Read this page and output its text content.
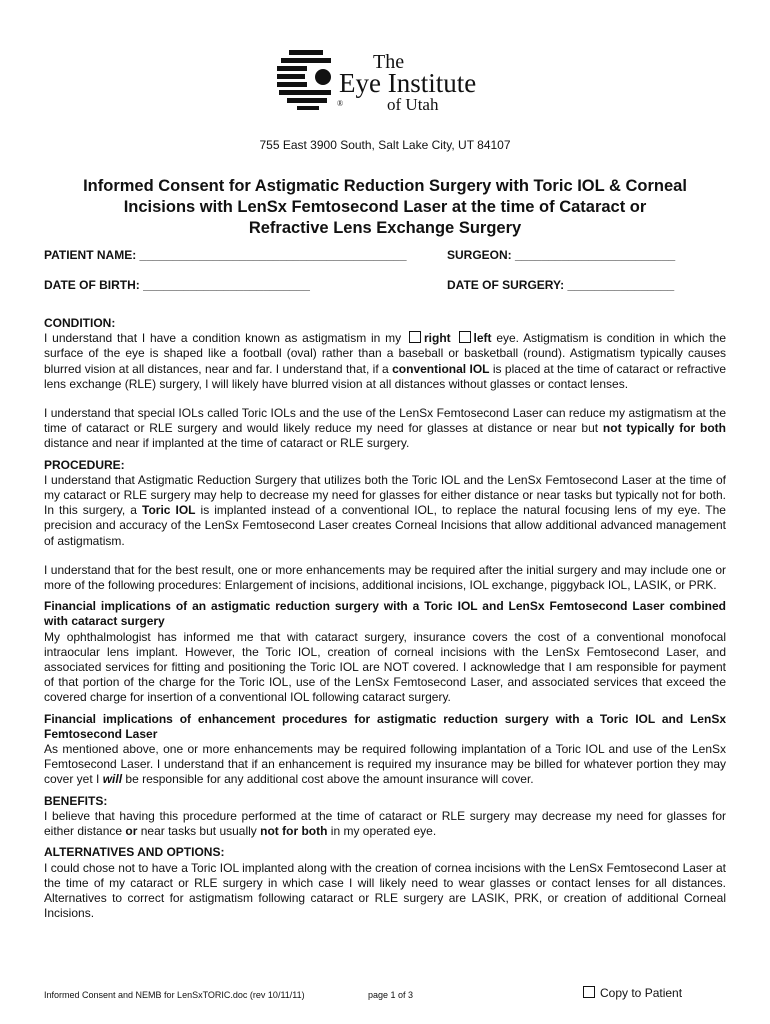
The
Eye Institute
of Utah
®
755 East 3900 South, Salt Lake City, UT 84107
Informed Consent for Astigmatic Reduction Surgery with Toric IOL & Corneal
Incisions with LenSx Femtosecond Laser at the time of Cataract or
Refractive Lens Exchange Surgery
PATIENT NAME: ________________________________________	SURGEON: ________________________
DATE OF BIRTH: _________________________	DATE OF SURGERY: ________________
CONDITION:

I understand that I have a condition known as astigmatism in my right left eye. Astigmatism is condition in which the surface of the eye is shaped like a football (oval) rather than a baseball or basketball (round). Astigmatism typically causes blurred vision at all distances, near and far. I understand that, if a conventional IOL is placed at the time of cataract or refractive lens exchange (RLE) surgery, I will likely have blurred vision at all distances without glasses or contact lenses.

I understand that special IOLs called Toric IOLs and the use of the LenSx Femtosecond Laser can reduce my astigmatism at the time of cataract or RLE surgery and would likely reduce my need for glasses at distance or near but not typically for both distance and near if implanted at the time of cataract or RLE surgery.

PROCEDURE:

I understand that Astigmatic Reduction Surgery that utilizes both the Toric IOL and the LenSx Femtosecond Laser at the time of my cataract or RLE surgery may help to decrease my need for glasses for either distance or near tasks but typically not for both. In this surgery, a Toric IOL is implanted instead of a conventional IOL, to replace the natural focusing lens of my eye. The precision and accuracy of the LenSx Femtosecond Laser creates Corneal Incisions that allow additional advanced management of astigmatism.

I understand that for the best result, one or more enhancements may be required after the initial surgery and may include one or more of the following procedures: Enlargement of incisions, additional incisions, IOL exchange, piggyback IOL, LASIK, or PRK.

Financial implications of an astigmatic reduction surgery with a Toric IOL and LenSx Femtosecond Laser combined with cataract surgery

My ophthalmologist has informed me that with cataract surgery, insurance covers the cost of a conventional monofocal intraocular lens implant. However, the Toric IOL, creation of corneal incisions with the LenSx Femtosecond Laser, and associated services for fitting and positioning the Toric IOL are NOT covered. I acknowledge that I am responsible for payment of that portion of the charge for the Toric IOL, use of the LenSx Femtosecond Laser, and associated services that exceed the covered charge for insertion of a conventional IOL following cataract surgery.

Financial implications of enhancement procedures for astigmatic reduction surgery with a Toric IOL and LenSx Femtosecond Laser

As mentioned above, one or more enhancements may be required following implantation of a Toric IOL and use of the LenSx Femtosecond Laser. I understand that if an enhancement is required my insurance may be billed for whatever portion they may cover yet I will be responsible for any additional cost above the amount insurance will cover.

BENEFITS:

I believe that having this procedure performed at the time of cataract or RLE surgery may decrease my need for glasses for either distance or near tasks but usually not for both in my operated eye.

ALTERNATIVES AND OPTIONS:

I could chose not to have a Toric IOL implanted along with the creation of cornea incisions with the LenSx Femtosecond Laser at the time of my cataract or RLE surgery in which case I will likely need to wear glasses or contact lenses for all distances. Alternatives to correct for astigmatism following cataract or RLE surgery are LASIK, PRK, or creation of additional Corneal Incisions.

Informed Consent and NEMB for LenSxTORIC.doc (rev 10/11/11)	page 1 of 3	Copy to Patient
